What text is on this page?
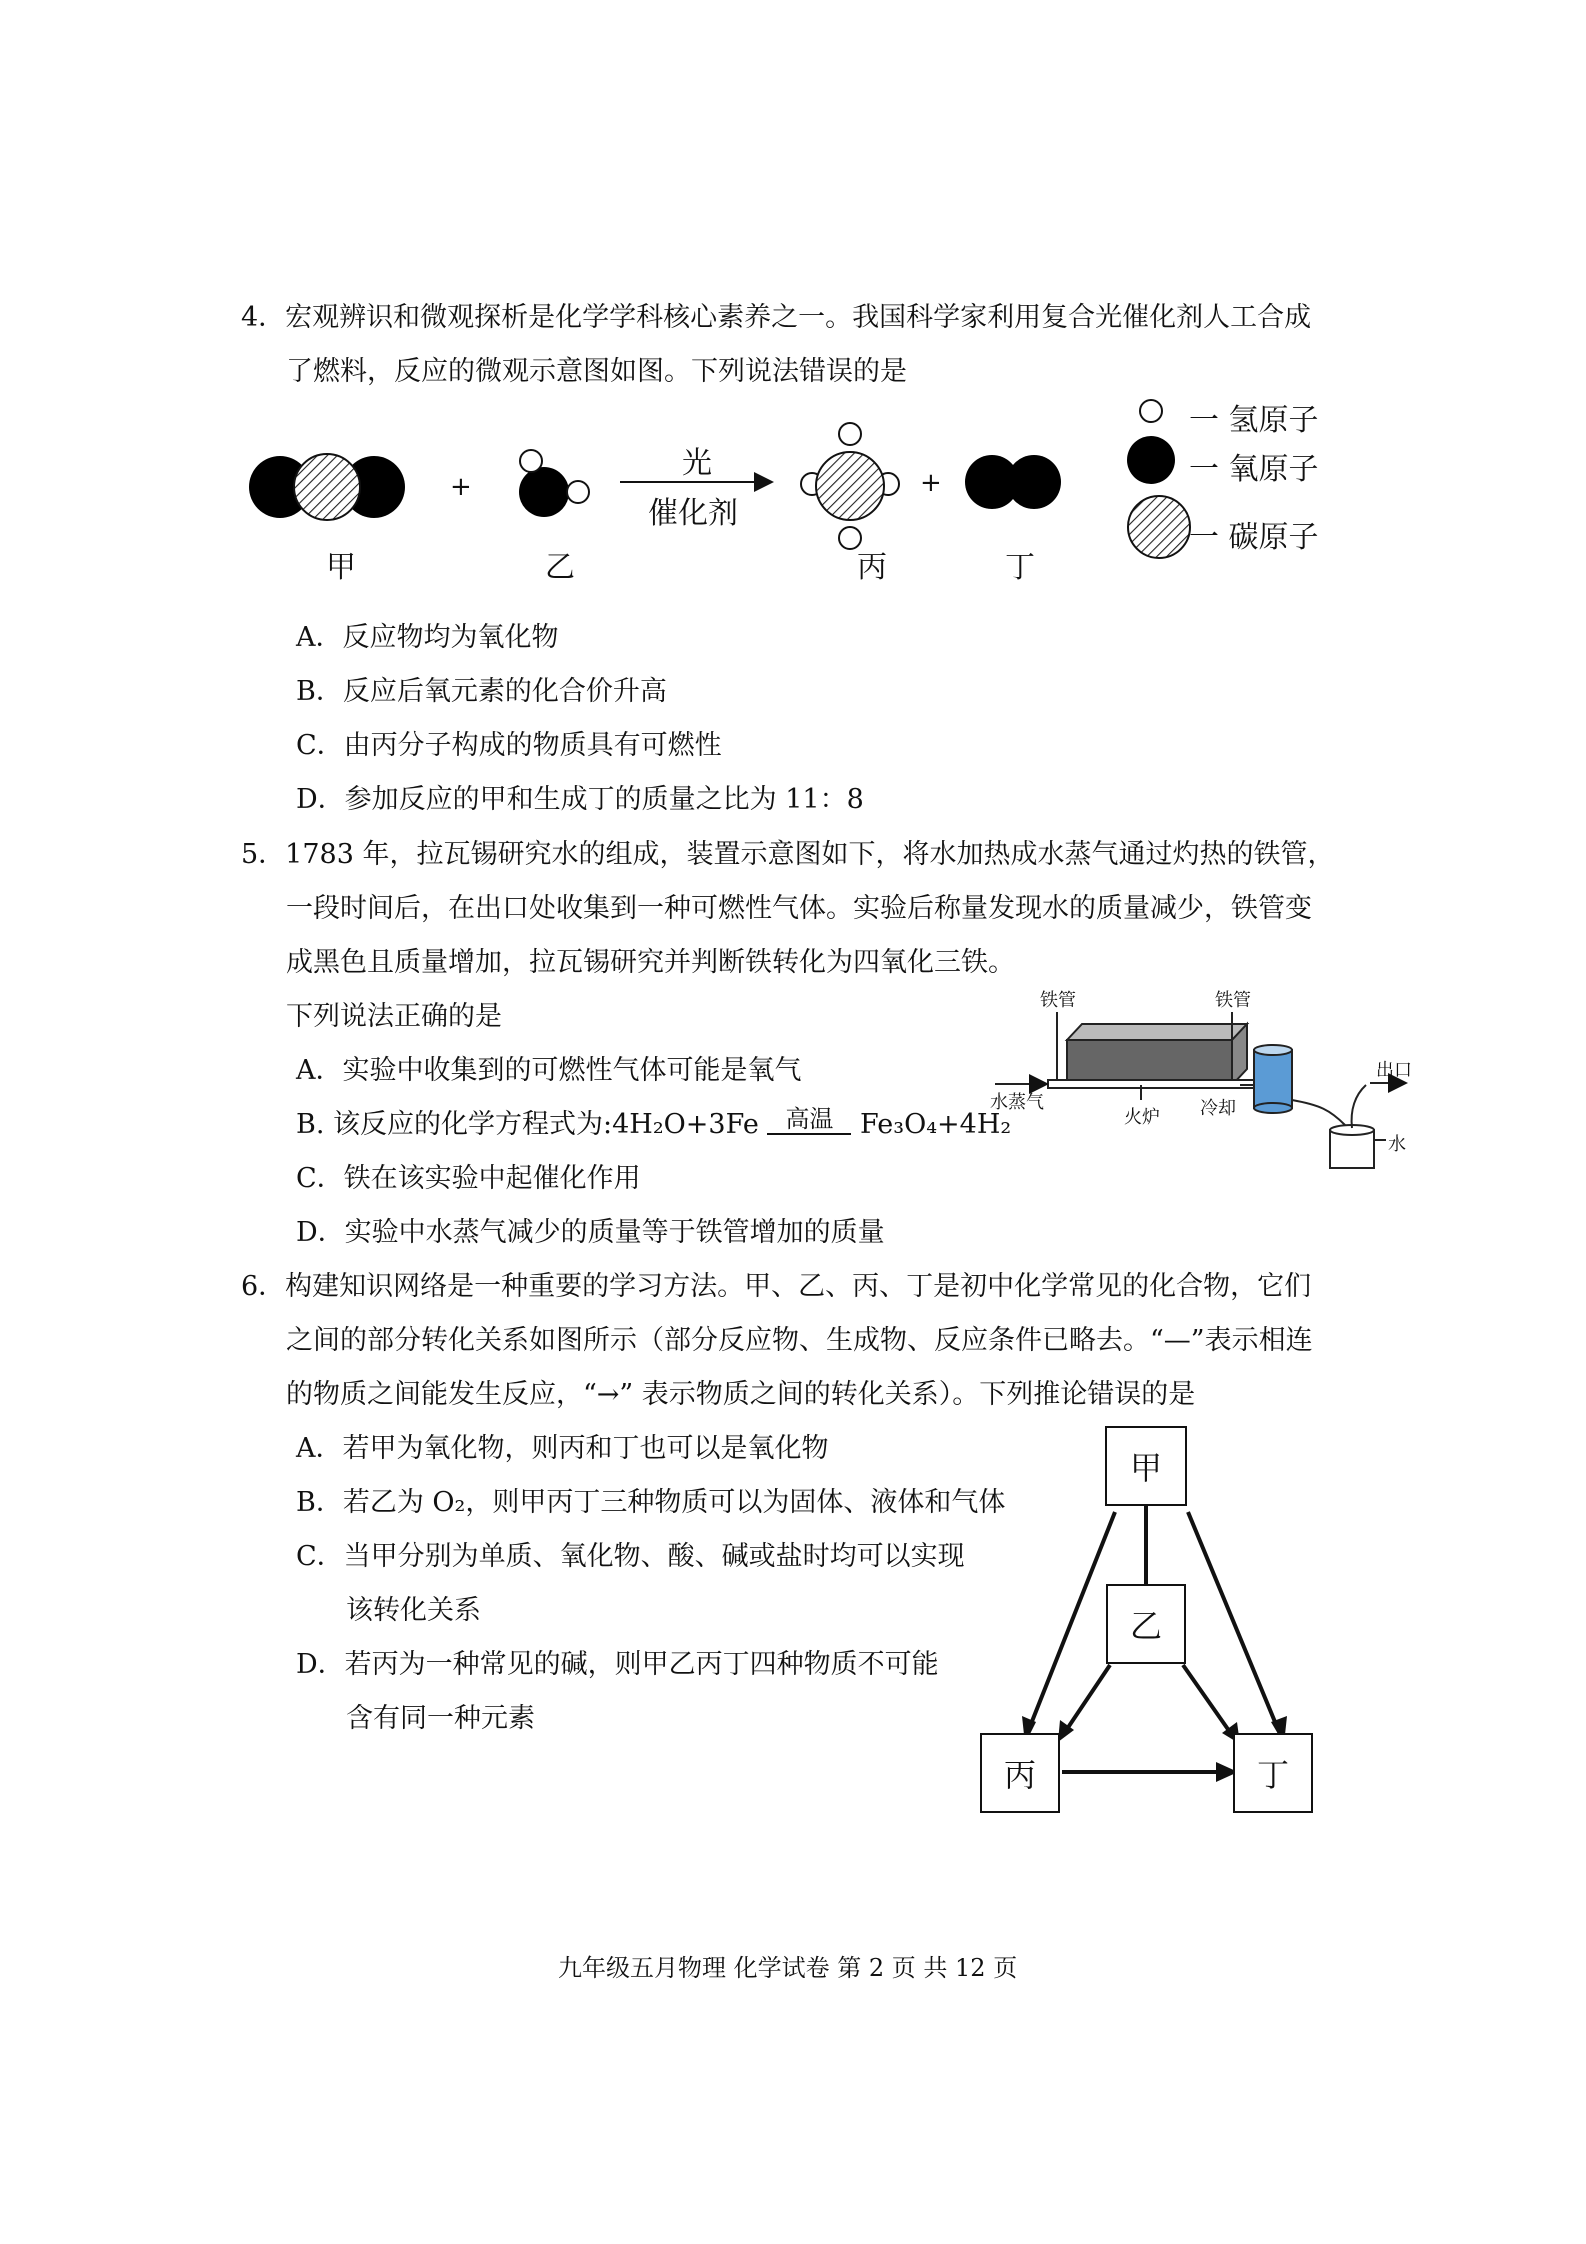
4．宏观辨识和微观探析是化学学科核心素养之一。我国科学家利用复合光催化剂人工合成
了燃料，反应的微观示意图如图。下列说法错误的是
甲	乙	丙	丁
+	+
光
催化剂
一 氢原子
一 氧原子
一 碳原子
A．反应物均为氧化物
B．反应后氧元素的化合价升高
C．由丙分子构成的物质具有可燃性
D．参加反应的甲和生成丁的质量之比为 11：8
5．1783 年，拉瓦锡研究水的组成，装置示意图如下，将水加热成水蒸气通过灼热的铁管，
一段时间后，在出口处收集到一种可燃性气体。实验后称量发现水的质量减少，铁管变
成黑色且质量增加，拉瓦锡研究并判断铁转化为四氧化三铁。
下列说法正确的是
A．实验中收集到的可燃性气体可能是氧气
B. 该反应的化学方程式为:4H₂O+3Fe 高温 Fe₃O₄+4H₂
C．铁在该实验中起催化作用
D．实验中水蒸气减少的质量等于铁管增加的质量
铁管	铁管
水蒸气
火炉 冷却
出口
水
6．构建知识网络是一种重要的学习方法。甲、乙、丙、丁是初中化学常见的化合物，它们
之间的部分转化关系如图所示（部分反应物、生成物、反应条件已略去。“—”表示相连
的物质之间能发生反应，“→” 表示物质之间的转化关系）。下列推论错误的是
A．若甲为氧化物，则丙和丁也可以是氧化物
B．若乙为 O₂，则甲丙丁三种物质可以为固体、液体和气体
C．当甲分别为单质、氧化物、酸、碱或盐时均可以实现
该转化关系
D．若丙为一种常见的碱，则甲乙丙丁四种物质不可能
含有同一种元素
甲
乙
丙	丁
九年级五月物理 化学试卷 第 2 页 共 12 页
